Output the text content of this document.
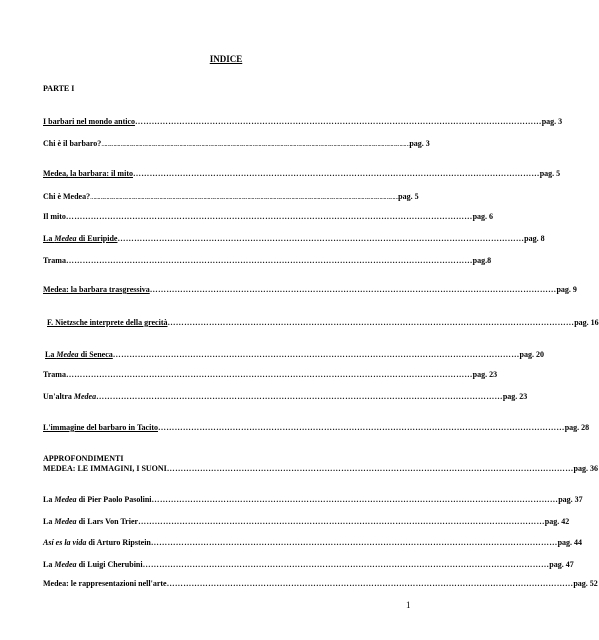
INDICE
PARTE I
I barbari nel mondo antico ………………………………………………………………………………………………………………………………… pag. 3
Chi è il barbaro? ………………………………………………………………………………………………………………………………………………………………………………………… pag. 3
Medea, la barbara: il mito ………………………………………………………………………………………………………………………………… pag. 5
Chi è Medea? ………………………………………………………………………………………………………………………………………………………………………………………… pag. 5
Il mito ………………………………………………………………………………………………………………………………… pag. 6
La Medea di Euripide ………………………………………………………………………………………………………………………………… pag. 8
Trama ………………………………………………………………………………………………………………………………… pag.8
Medea: la barbara trasgressiva ………………………………………………………………………………………………………………………………… pag. 9
F. Nietzsche interprete della grecità ………………………………………………………………………………………………………………………………… pag. 16
La Medea di Seneca ………………………………………………………………………………………………………………………………… pag. 20
Trama ………………………………………………………………………………………………………………………………… pag. 23
Un'altra Medea ………………………………………………………………………………………………………………………………… pag. 23
L'immagine del barbaro in Tacito ………………………………………………………………………………………………………………………………… pag. 28
APPROFONDIMENTI
MEDEA: LE IMMAGINI, I SUONI ………………………………………………………………………………………………………………………………… pag. 36
La Medea di Pier Paolo Pasolini ………………………………………………………………………………………………………………………………… pag. 37
La Medea di Lars Von Trier ………………………………………………………………………………………………………………………………… pag. 42
Así es la vida di Arturo Ripstein ………………………………………………………………………………………………………………………………… pag. 44
La Medea di Luigi Cherubini ………………………………………………………………………………………………………………………………… pag. 47
Medea: le rappresentazioni nell'arte ………………………………………………………………………………………………………………………………… pag. 52
1
